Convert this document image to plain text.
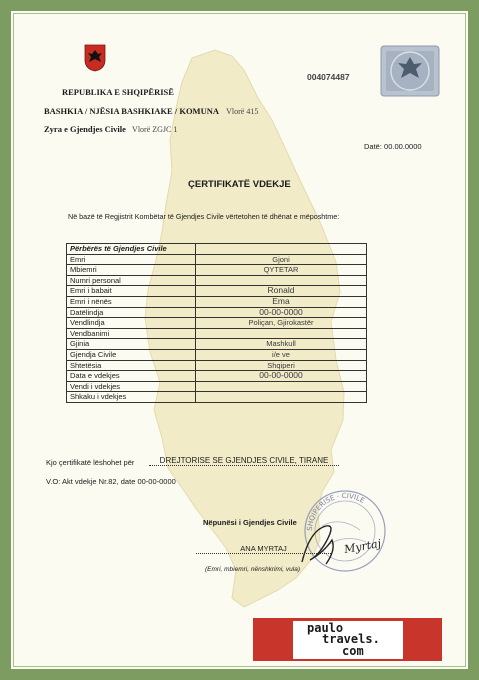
REPUBLIKA E SHQIPËRISË
BASHKIA / NJËSIA BASHKIAKE / KOMUNA Vlorë 415
Zyra e Gjendjes Civile Vlorë ZGJC 1
004074487
Datë: 00.00.0000
ÇERTIFIKATË VDEKJE
Në bazë të Regjistrit Kombëtar të Gjendjes Civile vërtetohen të dhënat e mëposhtme:
Përbërës të Gjendjes Civile	
Emri	Gjoni
Mbiemri	QYTETAR
Numri personal	
Emri i babait	Ronald
Emri i nënës	Ema
Datëlindja	00-00-0000
Vendlindja	Poliçan, Gjirokastër
Vendbanimi	
Gjinia	Mashkull
Gjendja Civile	i/e ve
Shtetësia	Shqiperi
Data e vdekjes	00-00-0000
Vendi i vdekjes	
Shkaku i vdekjes	
Kjo çertifikatë lëshohet për	DREJTORISE SE GJENDJES CIVILE, TIRANE
V.O: Akt vdekje Nr.82, date 00-00-0000
SHQIPERISE · CIVILE
Nëpunësi i Gjendjes Civile
ANA MYRTAJ	Myrtaj
(Emri, mbiemri, nënshkrimi, vula)
paulo
travels.
com
